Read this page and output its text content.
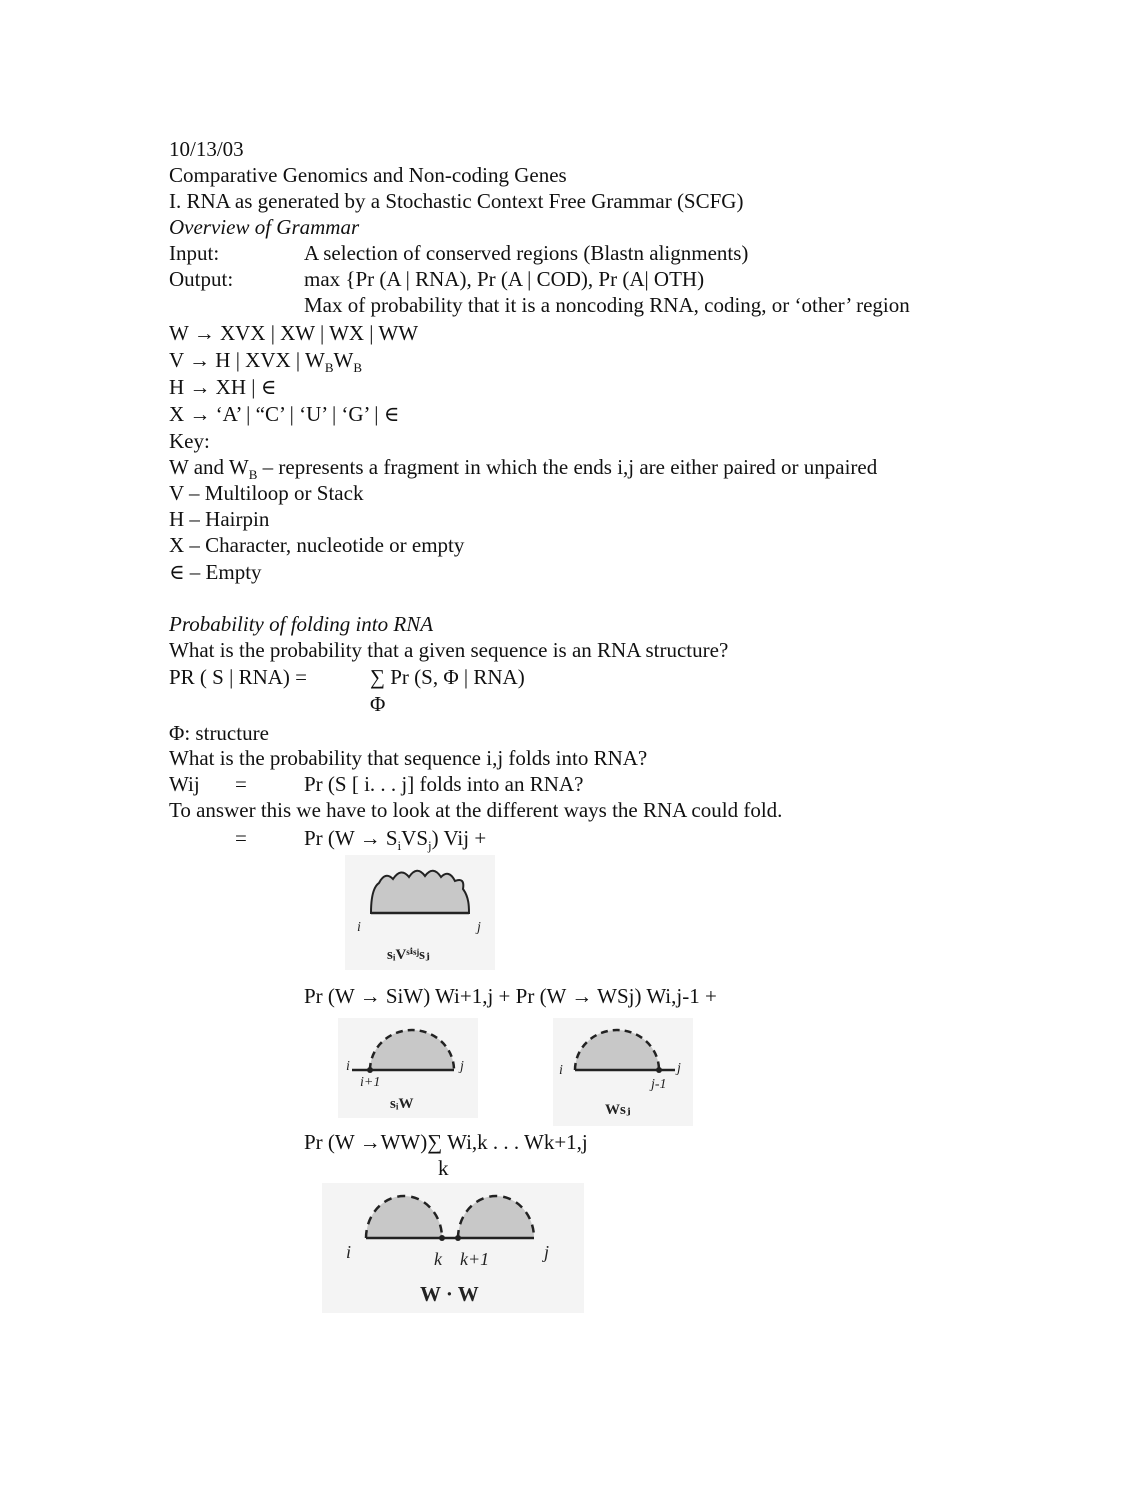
10/13/03
Comparative Genomics and Non-coding Genes
I. RNA as generated by a Stochastic Context Free Grammar (SCFG)
Overview of Grammar
Input:	A selection of conserved regions (Blastn alignments)
Output:	max {Pr (A | RNA), Pr (A | COD), Pr (A| OTH)
Max of probability that it is a noncoding RNA, coding, or ‘other’ region
W → XVX | XW | WX | WW
V → H | XVX | $W_BW_B$
H → XH | ∈
X → ‘A’ | “C’ | ‘U’ | ‘G’ | ∈
Key:
W and $W_B$ – represents a fragment in which the ends i,j are either paired or unpaired
V – Multiloop or Stack
H – Hairpin
X – Character, nucleotide or empty
∈ – Empty
Probability of folding into RNA
What is the probability that a given sequence is an RNA structure?
PR ( S | RNA) =	∑ Pr (S, Φ | RNA)
Φ
Φ: structure
What is the probability that sequence i,j folds into RNA?
Wij =	Pr (S [ i. . . j] folds into an RNA?
To answer this we have to look at the different ways the RNA could fold.
=	Pr $(W \to S_iVS_j)$ Vij +
i	j
sᵢVˢⁱˢʲsⱼ
Pr (W → SiW) Wi+1,j + Pr (W → WSj) Wi,j-1 +
i
i+1
j
sᵢW
i	j
j-1
Wsⱼ
Pr (W →WW)∑ Wi,k . . . Wk+1,j
k
i	k k+1	j
W · W
